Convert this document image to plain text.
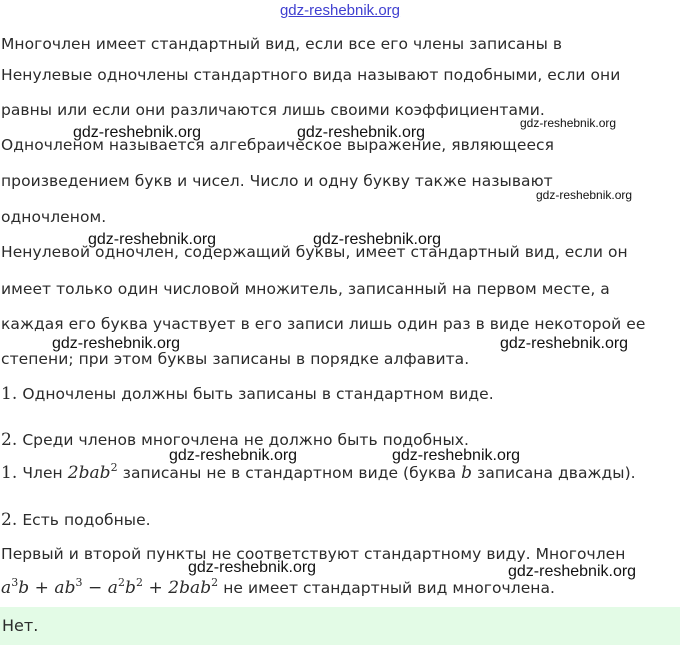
gdz-reshebnik.org
Многочлен имеет стандартный вид, если все его члены записаны в
Ненулевые одночлены стандартного вида называют подобными, если они
равны или если они различаются лишь своими коэффициентами.
Одночленом называется алгебраическое выражение, являющееся
произведением букв и чисел. Число и одну букву также называют
одночленом.
Ненулевой одночлен, содержащий буквы, имеет стандартный вид, если он
имеет только один числовой множитель, записанный на первом месте, а
каждая его буква участвует в его записи лишь один раз в виде некоторой ее
степени; при этом буквы записаны в порядке алфавита.
1. Одночлены должны быть записаны в стандартном виде.
2. Среди членов многочлена не должно быть подобных.
1. Член 2bab$^2$ записаны не в стандартном виде (буква b записана дважды).
2. Есть подобные.
Первый и второй пункты не соответствуют стандартному виду. Многочлен
$a^3b + ab^3 - a^2b^2 + 2bab^2$ не имеет стандартный вид многочлена.
Нет.
gdz-reshebnik.org	gdz-reshebnik.org
gdz-reshebnik.org
gdz-reshebnik.org
gdz-reshebnik.org	gdz-reshebnik.org
gdz-reshebnik.org	gdz-reshebnik.org
gdz-reshebnik.org	gdz-reshebnik.org
gdz-reshebnik.org	gdz-reshebnik.org
